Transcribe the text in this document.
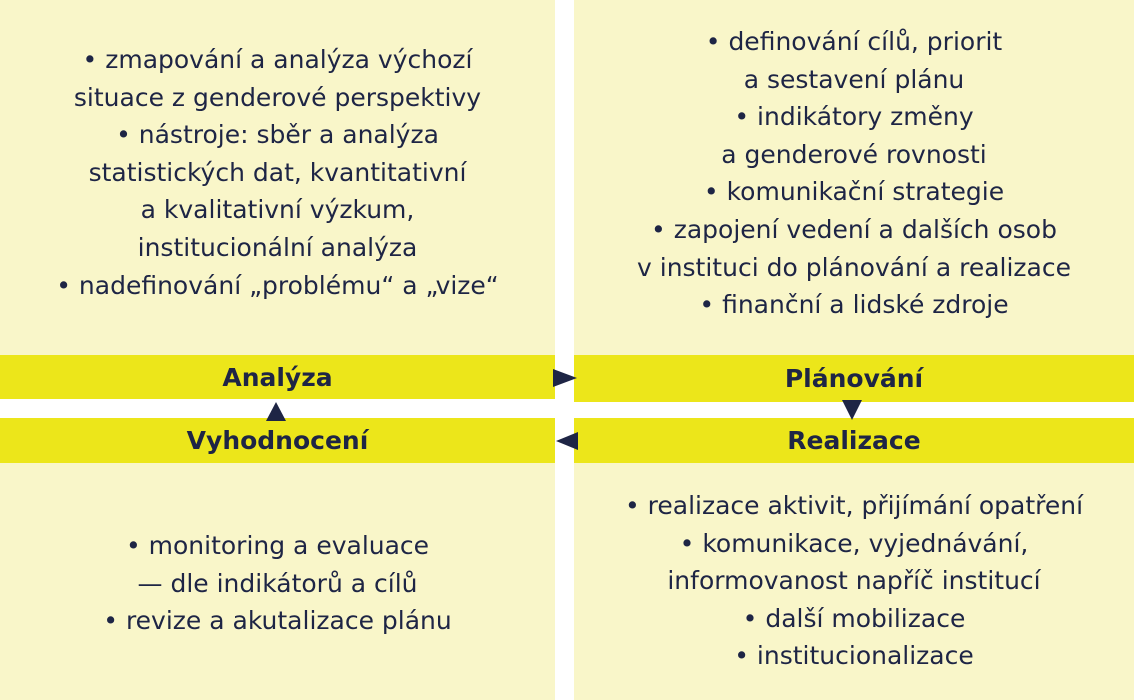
Analýza	Plánování
Vyhodnocení	Realizace
• zmapování a analýza výchozí
situace z genderové perspektivy
• nástroje: sběr a analýza
statistických dat, kvantitativní
a kvalitativní výzkum,
institucionální analýza
• nadefinování „problému“ a „vize“
• definování cílů, priorit
a sestavení plánu
• indikátory změny
a genderové rovnosti
• komunikační strategie
• zapojení vedení a dalších osob
v instituci do plánování a realizace
• finanční a lidské zdroje
• monitoring a evaluace
— dle indikátorů a cílů
• revize a akutalizace plánu
• realizace aktivit, přijímání opatření
• komunikace, vyjednávání,
informovanost napříč institucí
• další mobilizace
• institucionalizace
